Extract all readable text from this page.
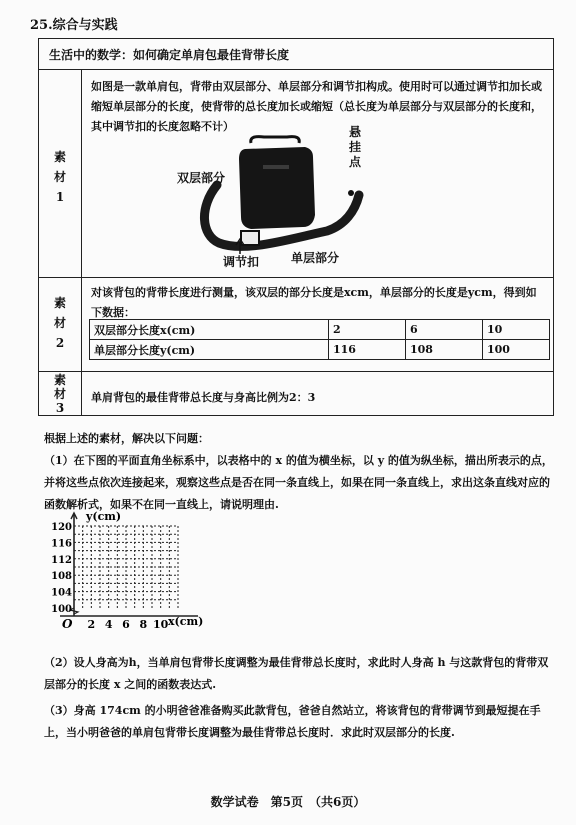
25.综合与实践
生活中的数学：如何确定单肩包最佳背带长度
素
材
1
如图是一款单肩包，背带由双层部分、单层部分和调节扣构成。使用时可以通过调节扣加长或缩短单层部分的长度，使背带的总长度加长或缩短（总长度为单层部分与双层部分的长度和，其中调节扣的长度忽略不计）	悬
挂
点
双层部分
调节扣	单层部分
素
材
2
对该背包的背带长度进行测量，该双层的部分长度是xcm，单层部分的长度是ycm，得到如下数据：
双层部分长度x(cm)	2	6	10
单层部分长度y(cm)	116	108	100
素
材
3
单肩背包的最佳背带总长度与身高比例为2：3
根据上述的素材，解决以下问题：
（1）在下图的平面直角坐标系中，以表格中的 x 的值为横坐标，以 y 的值为纵坐标，描出所表示的点，并将这些点依次连接起来，观察这些点是否在同一条直线上，如果在同一条直线上，求出这条直线对应的函数解析式，如果不在同一直线上，请说明理由.
100
104
108
112
116
120
2 4 6 8 10
y(cm)
x(cm)
O
（2）设人身高为h，当单肩包背带长度调整为最佳背带总长度时，求此时人身高 h 与这款背包的背带双层部分的长度 x 之间的函数表达式.
（3）身高 174cm 的小明爸爸准备购买此款背包，爸爸自然站立，将该背包的背带调节到最短提在手上，当小明爸爸的单肩包背带长度调整为最佳背带总长度时．求此时双层部分的长度.
数学试卷　第5页　（共6页）
